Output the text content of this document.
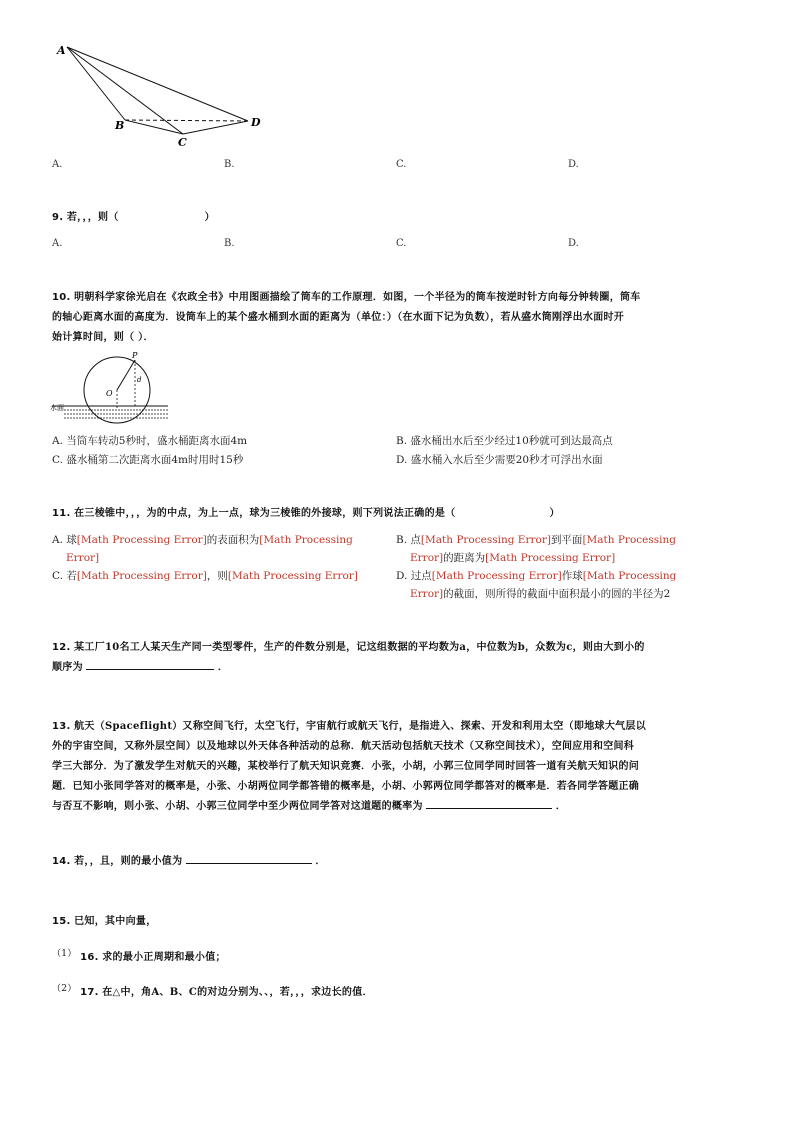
A
B
C
D
A.	B.	C.	D.
9. 若，，，则（	）
A.	B.	C.	D.
10. 明朝科学家徐光启在《农政全书》中用图画描绘了筒车的工作原理．如图，一个半径为的筒车按逆时针方向每分钟转圈，筒车
的轴心距离水面的高度为．设筒车上的某个盛水桶到水面的距离为（单位：）（在水面下记为负数），若从盛水筒刚浮出水面时开
始计算时间，则（ ）．
P
O
d
水面
A. 当筒车转动5秒时，盛水桶距离水面4m	B. 盛水桶出水后至少经过10秒就可到达最高点
C. 盛水桶第二次距离水面4m时用时15秒	D. 盛水桶入水后至少需要20秒才可浮出水面
11. 在三棱锥中，，，为的中点，为上一点，球为三棱锥的外接球，则下列说法正确的是（	）
A. 球[Math Processing Error]的表面积为[Math Processing
Error]
B. 点[Math Processing Error]到平面[Math Processing
Error]的距离为[Math Processing Error]
C. 若[Math Processing Error]，则[Math Processing Error]	D. 过点[Math Processing Error]作球[Math Processing
Error]的截面，则所得的截面中面积最小的圆的半径为2
12. 某工厂10名工人某天生产同一类型零件，生产的件数分别是，记这组数据的平均数为a，中位数为b，众数为c，则由大到小的
顺序为	．
13. 航天（Spaceflight）又称空间飞行，太空飞行，宇宙航行或航天飞行，是指进入、探索、开发和利用太空（即地球大气层以
外的宇宙空间，又称外层空间）以及地球以外天体各种活动的总称．航天活动包括航天技术（又称空间技术），空间应用和空间科
学三大部分．为了激发学生对航天的兴趣，某校举行了航天知识竞赛．小张，小胡，小郭三位同学同时回答一道有关航天知识的问
题．已知小张同学答对的概率是，小张、小胡两位同学都答错的概率是，小胡、小郭两位同学都答对的概率是．若各同学答题正确
与否互不影响，则小张、小胡、小郭三位同学中至少两位同学答对这道题的概率为	．
14. 若，，且，则的最小值为	．
15. 已知，其中向量，
（1） 16. 求的最小正周期和最小值；
（2） 17. 在△中，角A、B、C的对边分别为、、，若，，，求边长的值．
